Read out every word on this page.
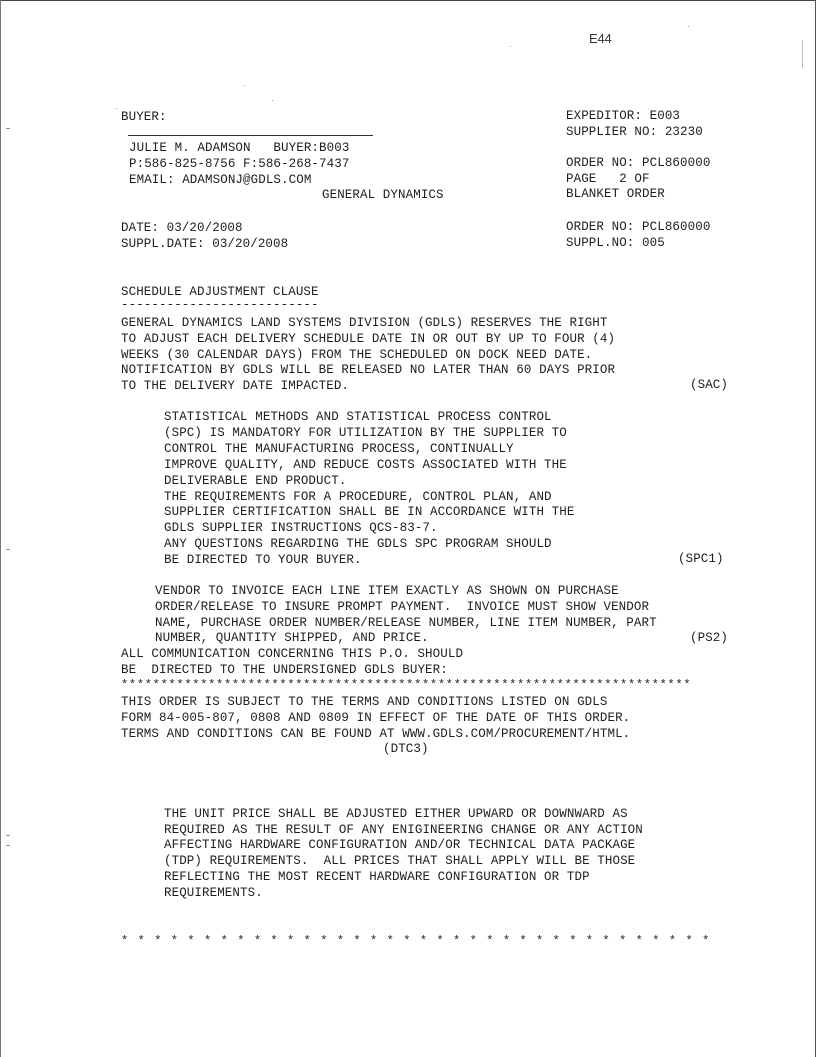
E44
BUYER:
JULIE M. ADAMSON   BUYER:B003
P:586-825-8756 F:586-268-7437
EMAIL: ADAMSONJ@GDLS.COM
GENERAL DYNAMICS
EXPEDITOR: E003
SUPPLIER NO: 23230
ORDER NO: PCL860000
PAGE   2 OF
BLANKET ORDER
ORDER NO: PCL860000
SUPPL.NO: 005
DATE: 03/20/2008
SUPPL.DATE: 03/20/2008
SCHEDULE ADJUSTMENT CLAUSE
--------------------------
GENERAL DYNAMICS LAND SYSTEMS DIVISION (GDLS) RESERVES THE RIGHT
TO ADJUST EACH DELIVERY SCHEDULE DATE IN OR OUT BY UP TO FOUR (4)
WEEKS (30 CALENDAR DAYS) FROM THE SCHEDULED ON DOCK NEED DATE.
NOTIFICATION BY GDLS WILL BE RELEASED NO LATER THAN 60 DAYS PRIOR
TO THE DELIVERY DATE IMPACTED.	(SAC)
STATISTICAL METHODS AND STATISTICAL PROCESS CONTROL
(SPC) IS MANDATORY FOR UTILIZATION BY THE SUPPLIER TO
CONTROL THE MANUFACTURING PROCESS, CONTINUALLY
IMPROVE QUALITY, AND REDUCE COSTS ASSOCIATED WITH THE
DELIVERABLE END PRODUCT.
THE REQUIREMENTS FOR A PROCEDURE, CONTROL PLAN, AND
SUPPLIER CERTIFICATION SHALL BE IN ACCORDANCE WITH THE
GDLS SUPPLIER INSTRUCTIONS QCS-83-7.
ANY QUESTIONS REGARDING THE GDLS SPC PROGRAM SHOULD
BE DIRECTED TO YOUR BUYER.	(SPC1)
VENDOR TO INVOICE EACH LINE ITEM EXACTLY AS SHOWN ON PURCHASE
ORDER/RELEASE TO INSURE PROMPT PAYMENT.  INVOICE MUST SHOW VENDOR
NAME, PURCHASE ORDER NUMBER/RELEASE NUMBER, LINE ITEM NUMBER, PART
NUMBER, QUANTITY SHIPPED, AND PRICE.	(PS2)
ALL COMMUNICATION CONCERNING THIS P.O. SHOULD
BE  DIRECTED TO THE UNDERSIGNED GDLS BUYER:
************************************************************************
THIS ORDER IS SUBJECT TO THE TERMS AND CONDITIONS LISTED ON GDLS
FORM 84-005-807, 0808 AND 0809 IN EFFECT OF THE DATE OF THIS ORDER.
TERMS AND CONDITIONS CAN BE FOUND AT WWW.GDLS.COM/PROCUREMENT/HTML.
(DTC3)
THE UNIT PRICE SHALL BE ADJUSTED EITHER UPWARD OR DOWNWARD AS
REQUIRED AS THE RESULT OF ANY ENIGINEERING CHANGE OR ANY ACTION
AFFECTING HARDWARE CONFIGURATION AND/OR TECHNICAL DATA PACKAGE
(TDP) REQUIREMENTS.  ALL PRICES THAT SHALL APPLY WILL BE THOSE
REFLECTING THE MOST RECENT HARDWARE CONFIGURATION OR TDP
REQUIREMENTS.
* * * * * * * * * * * * * * * * * * * * * * * * * * * * * * * * * * * *
